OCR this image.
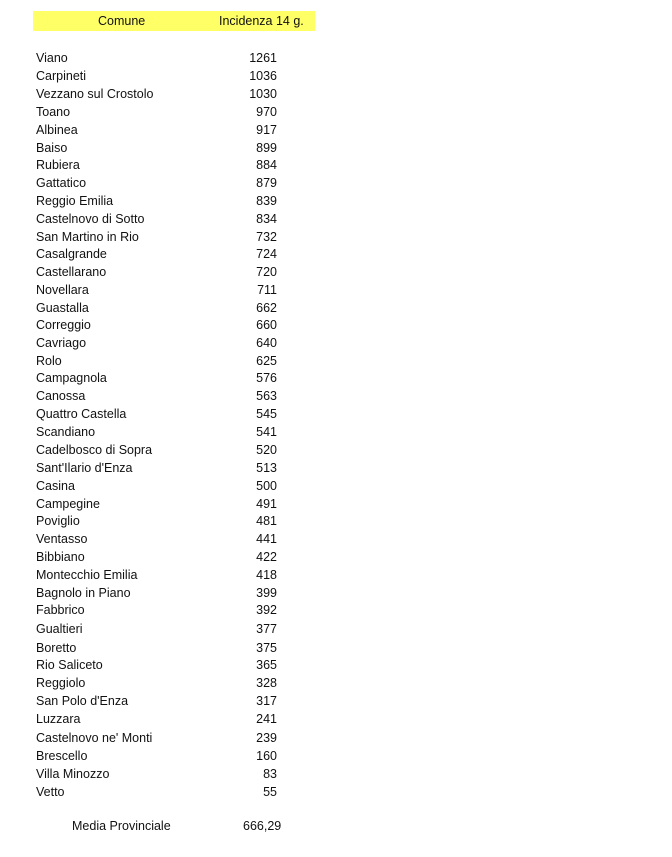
Comune	Incidenza 14 g.
Viano	1261
Carpineti	1036
Vezzano sul Crostolo	1030
Toano	970
Albinea	917
Baiso	899
Rubiera	884
Gattatico	879
Reggio Emilia	839
Castelnovo di Sotto	834
San Martino in Rio	732
Casalgrande	724
Castellarano	720
Novellara	711
Guastalla	662
Correggio	660
Cavriago	640
Rolo	625
Campagnola	576
Canossa	563
Quattro Castella	545
Scandiano	541
Cadelbosco di Sopra	520
Sant'Ilario d'Enza	513
Casina	500
Campegine	491
Poviglio	481
Ventasso	441
Bibbiano	422
Montecchio Emilia	418
Bagnolo in Piano	399
Fabbrico	392
Gualtieri	377
Boretto	375
Rio Saliceto	365
Reggiolo	328
San Polo d'Enza	317
Luzzara	241
Castelnovo ne' Monti	239
Brescello	160
Villa Minozzo	83
Vetto	55
Media Provinciale	666,29
